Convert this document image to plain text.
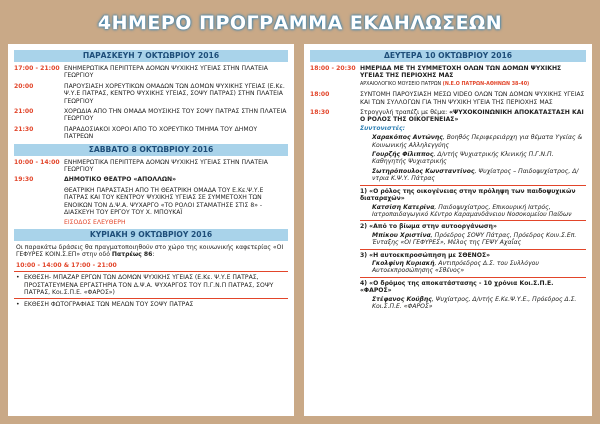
4ΗΜΕΡΟ ΠΡΟΓΡΑΜΜΑ ΕΚΔΗΛΩΣΕΩΝ
ΠΑΡΑΣΚΕΥΗ 7 ΟΚΤΩΒΡΙΟΥ 2016
17:00 - 21:00 ΕΝΗΜΕΡΩΤΙΚΑ ΠΕΡΙΠΤΕΡΑ ΔΟΜΩΝ ΨΥΧΙΚΗΣ ΥΓΕΙΑΣ ΣΤΗΝ ΠΛΑΤΕΙΑ ΓΕΩΡΓΙΟΥ
20:00	ΠΑΡΟΥΣΙΑΣΗ ΧΟΡΕΥΤΙΚΩΝ ΟΜΑΔΩΝ ΤΩΝ ΔΟΜΩΝ ΨΥΧΙΚΗΣ ΥΓΕΙΑΣ (Ε.Κε. Ψ.Υ.Ε ΠΑΤΡΑΣ, ΚΕΝΤΡΟ ΨΥΧΙΚΗΣ ΥΓΕΙΑΣ, ΣΟΨΥ ΠΑΤΡΑΣ) ΣΤΗΝ ΠΛΑΤΕΙΑ ΓΕΩΡΓΙΟΥ
21:00	ΧΟΡΩΔΙΑ ΑΠΟ ΤΗΝ ΟΜΑΔΑ ΜΟΥΣΙΚΗΣ ΤΟΥ ΣΟΨΥ ΠΑΤΡΑΣ ΣΤΗΝ ΠΛΑΤΕΙΑ ΓΕΩΡΓΙΟΥ
21:30	ΠΑΡΑΔΟΣΙΑΚΟΙ ΧΟΡΟΙ ΑΠΟ ΤΟ ΧΟΡΕΥΤΙΚΟ ΤΜΗΜΑ ΤΟΥ ΔΗΜΟΥ ΠΑΤΡΕΩΝ
ΣΑΒΒΑΤΟ 8 ΟΚΤΩΒΡΙΟΥ 2016
10:00 - 14:00 ΕΝΗΜΕΡΩΤΙΚΑ ΠΕΡΙΠΤΕΡΑ ΔΟΜΩΝ ΨΥΧΙΚΗΣ ΥΓΕΙΑΣ ΣΤΗΝ ΠΛΑΤΕΙΑ ΓΕΩΡΓΙΟΥ
19:30	ΔΗΜΟΤΙΚΟ ΘΕΑΤΡΟ «ΑΠΟΛΛΩΝ»
ΘΕΑΤΡΙΚΗ ΠΑΡΑΣΤΑΣΗ ΑΠΟ ΤΗ ΘΕΑΤΡΙΚΗ ΟΜΑΔΑ ΤΟΥ Ε.Κε.Ψ.Υ.Ε ΠΑΤΡΑΣ ΚΑΙ ΤΟΥ ΚΕΝΤΡΟΥ ΨΥΧΙΚΗΣ ΥΓΕΙΑΣ ΣΕ ΣΥΜΜΕΤΟΧΗ ΤΩΝ ΕΝΟΙΚΩΝ ΤΟΝ Δ.Ψ.Α. ΨΥΧΑΡΓΟ «ΤΟ ΡΟΛΟΙ ΣΤΑΜΑΤΗΣΕ ΣΤΙΣ 8» - ΔΙΑΣΚΕΥΗ ΤΟΥ ΕΡΓΟΥ ΤΟΥ Χ. ΜΠΟΥΚΑΪ
ΕΙΣΟΔΟΣ ΕΛΕΥΘΕΡΗ
ΚΥΡΙΑΚΗ 9 ΟΚΤΩΒΡΙΟΥ 2016
Οι παρακάτω δράσεις θα πραγματοποιηθούν στο χώρο της κοινωνικής καφετερίας «ΟΙ ΓΕΦΥΡΕΣ ΚΟΙΝ.Σ.ΕΠ» στην οδό Πατρέως 86:
10:00 - 14:00 & 17:00 - 21:00
• ΕΚΘΕΣΗ- ΜΠΑΖΑΡ ΕΡΓΩΝ ΤΩΝ ΔΟΜΩΝ ΨΥΧΙΚΗΣ ΥΓΕΙΑΣ (Ε.Κε. Ψ.Υ.Ε ΠΑΤΡΑΣ, ΠΡΟΣΤΑΤΕΥΜΕΝΑ ΕΡΓΑΣΤΗΡΙΑ ΤΟΝ Δ.Ψ.Α. ΨΥΧΑΡΓΟΣ ΤΟΥ Π.Γ.Ν.Π ΠΑΤΡΑΣ, ΣΟΨΥ ΠΑΤΡΑΣ, Κοι.Σ.Π.Ε. «ΦΑΡΟΣ»)
• ΕΚΘΕΣΗ ΦΩΤΟΓΡΑΦΙΑΣ ΤΩΝ ΜΕΛΩΝ ΤΟΥ ΣΟΨΥ ΠΑΤΡΑΣ
ΔΕΥΤΕΡΑ 10 ΟΚΤΩΒΡΙΟΥ 2016
18:00 - 20:30 ΗΜΕΡΙΔΑ ΜΕ ΤΗ ΣΥΜΜΕΤΟΧΗ ΟΛΩΝ ΤΩΝ ΔΟΜΩΝ ΨΥΧΙΚΗΣ ΥΓΕΙΑΣ ΤΗΣ ΠΕΡΙΟΧΗΣ ΜΑΣ
ΑΡΧΑΙΟΛΟΓΙΚΟ ΜΟΥΣΕΙΟ ΠΑΤΡΩΝ (Ν.Ε.Ο ΠΑΤΡΩΝ-ΑΘΗΝΩΝ 38-40)
18:00	ΣΥΝΤΟΜΗ ΠΑΡΟΥΣΙΑΣΗ ΜΕΣΩ VIDEO ΟΛΩΝ ΤΩΝ ΔΟΜΩΝ ΨΥΧΙΚΗΣ ΥΓΕΙΑΣ ΚΑΙ ΤΩΝ ΣΥΛΛΟΓΩΝ ΓΙΑ ΤΗΝ ΨΥΧΙΚΗ ΥΓΕΙΑ ΤΗΣ ΠΕΡΙΟΧΗΣ ΜΑΣ
18:30	Στρογγυλή τραπέζι με θέμα: «ΨΥΧΟΚΟΙΝΩΝΙΚΗ ΑΠΟΚΑΤΑΣΤΑΣΗ ΚΑΙ Ο ΡΟΛΟΣ ΤΗΣ ΟΙΚΟΓΕΝΕΙΑΣ»
Συντονιστές:
Χαρακόπος Αντώνης, Βοηθός Περιφερειάρχη για θέματα Υγείας & Κοινωνικής Αλληλεγγύης
Γουρζής Φίλιππος, Δ/ντής Ψυχιατρικής Κλινικής Π.Γ.Ν.Π. Καθηγητής Ψυχιατρικής
Σωτηρόπουλος Κωνσταντίνος, Ψυχίατρος – Παιδοψυχίατρος, Δ/ντρια Κ.Ψ.Υ. Πάτρας
1) «Ο ρόλος της οικογένειας στην πρόληψη των παιδοψυχικών διαταραχών»
Κατσίση Κατερίνα, Παιδοψυχίατρος, Επικουρική Ιατρός, Ιατροπαιδαγωγικό Κέντρο Καραμανδάνειου Νοσοκομείου Παίδων
2) «Από το βίωμα στην αυτοοργάνωση»
Μπίκου Χριστίνα, Πρόεδρος ΣΟΨΥ Πάτρας, Πρόεδρος Κοιν.Σ.Επ. Ένταξης «ΟΙ ΓΕΦΥΡΕΣ», Μέλος της ΓΕΨΥ Αχαΐας
3) «Η αυτοεκπροσώπηση με ΣΘΕΝΟΣ»
Γκολφίνη Κυριακή, Αντιπρόεδρος Δ.Σ. του Συλλόγου Αυτοεκπροσώπησης «Σθένος»
4) «Ο δρόμος της αποκατάστασης - 10 χρόνια Κοι.Σ.Π.Ε. «ΦΑΡΟΣ»
Στέφανος Κούβης, Ψυχίατρος, Δ/ντής Ε.Κε.Ψ.Υ.Ε., Πρόεδρος Δ.Σ. Κοι.Σ.Π.Ε. «ΦΑΡΟΣ»
